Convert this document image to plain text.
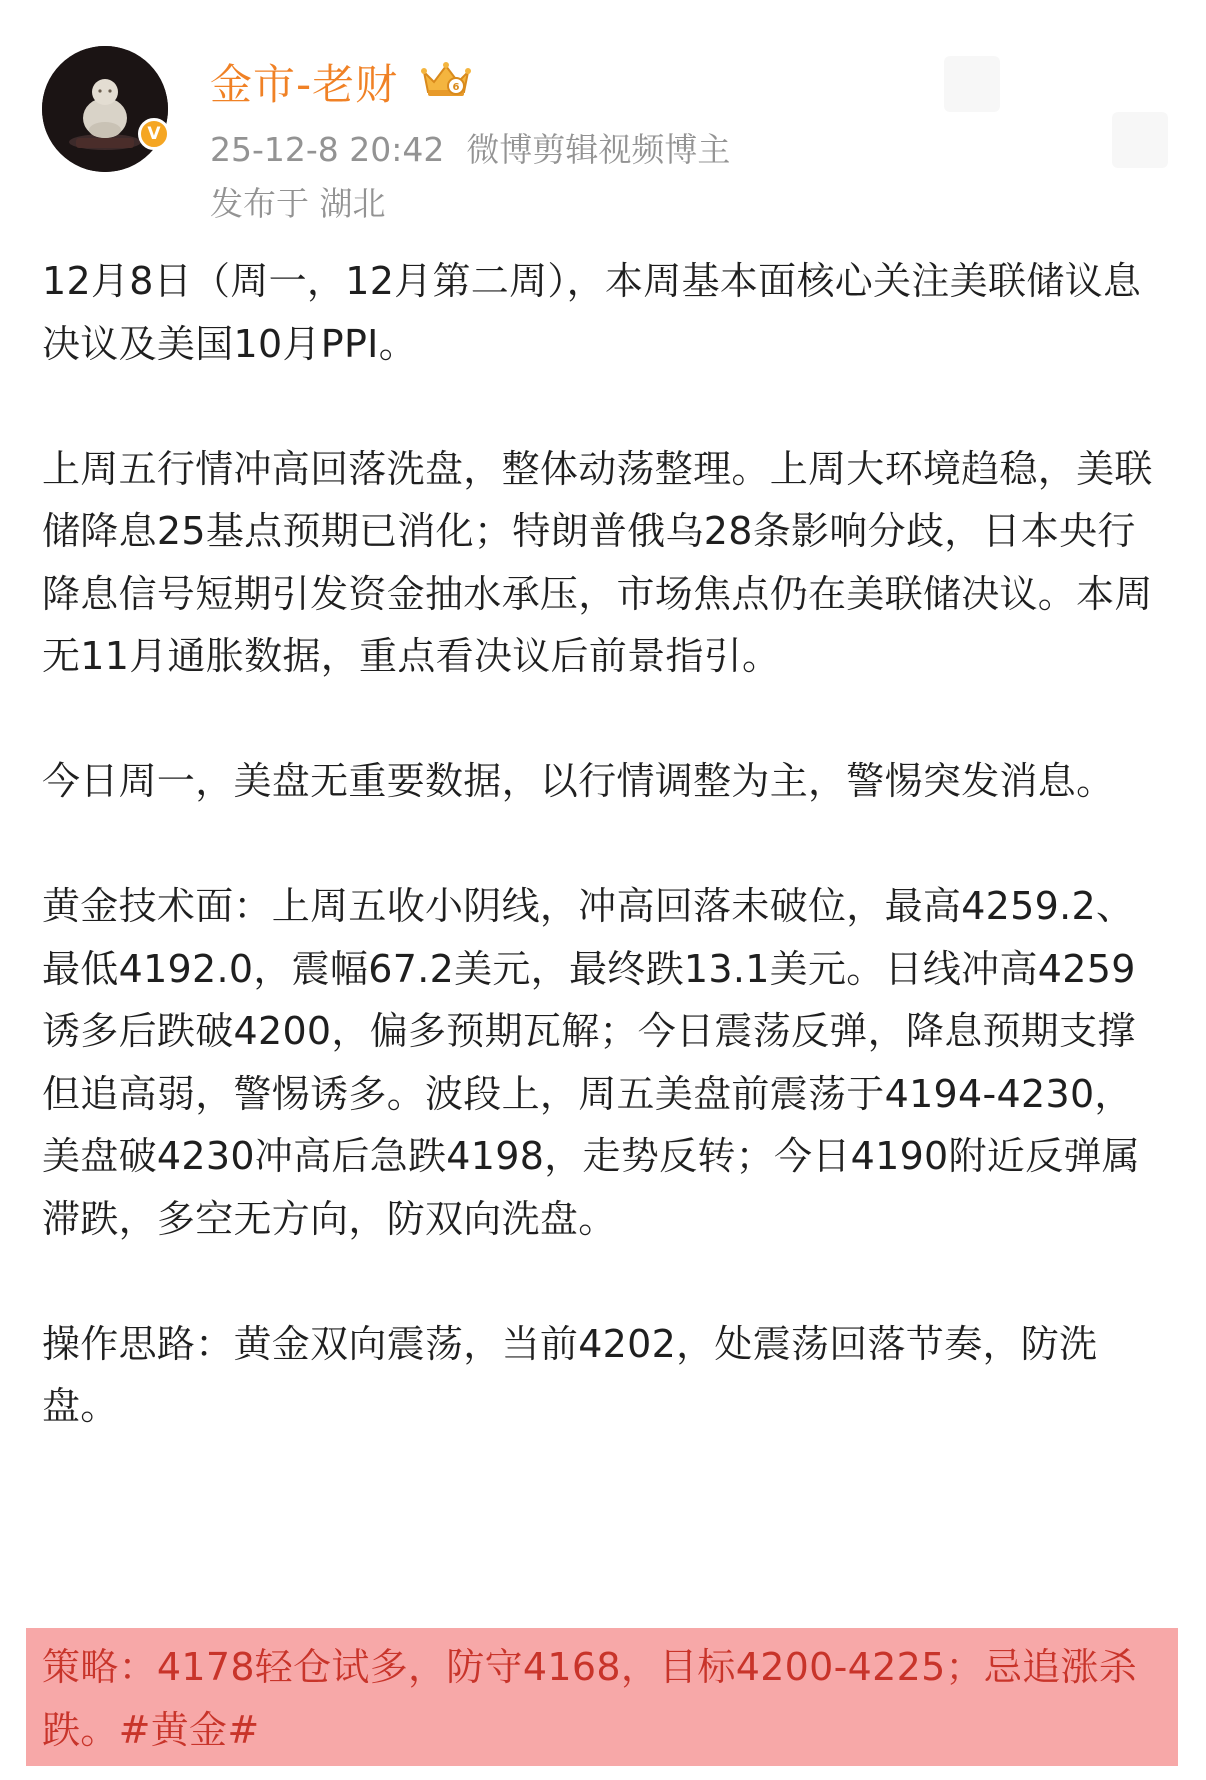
V
金市-老财	6
25-12-8 20:42 微博剪辑视频博主
发布于 湖北

12月8日（周一，12月第二周），本周基本面核心关注美联储议息决议及美国10月PPI。

上周五行情冲高回落洗盘，整体动荡整理。上周大环境趋稳，美联储降息25基点预期已消化；特朗普俄乌28条影响分歧，日本央行降息信号短期引发资金抽水承压，市场焦点仍在美联储决议。本周无11月通胀数据，重点看决议后前景指引。

今日周一，美盘无重要数据，以行情调整为主，警惕突发消息。

黄金技术面：上周五收小阴线，冲高回落未破位，最高4259.2、最低4192.0，震幅67.2美元，最终跌13.1美元。日线冲高4259诱多后跌破4200，偏多预期瓦解；今日震荡反弹，降息预期支撑但追高弱，警惕诱多。波段上，周五美盘前震荡于4194-4230，美盘破4230冲高后急跌4198，走势反转；今日4190附近反弹属滞跌，多空无方向，防双向洗盘。

操作思路：黄金双向震荡，当前4202，处震荡回落节奏，防洗盘。

策略：4178轻仓试多，防守4168，目标4200-4225；忌追涨杀跌。#黄金#
